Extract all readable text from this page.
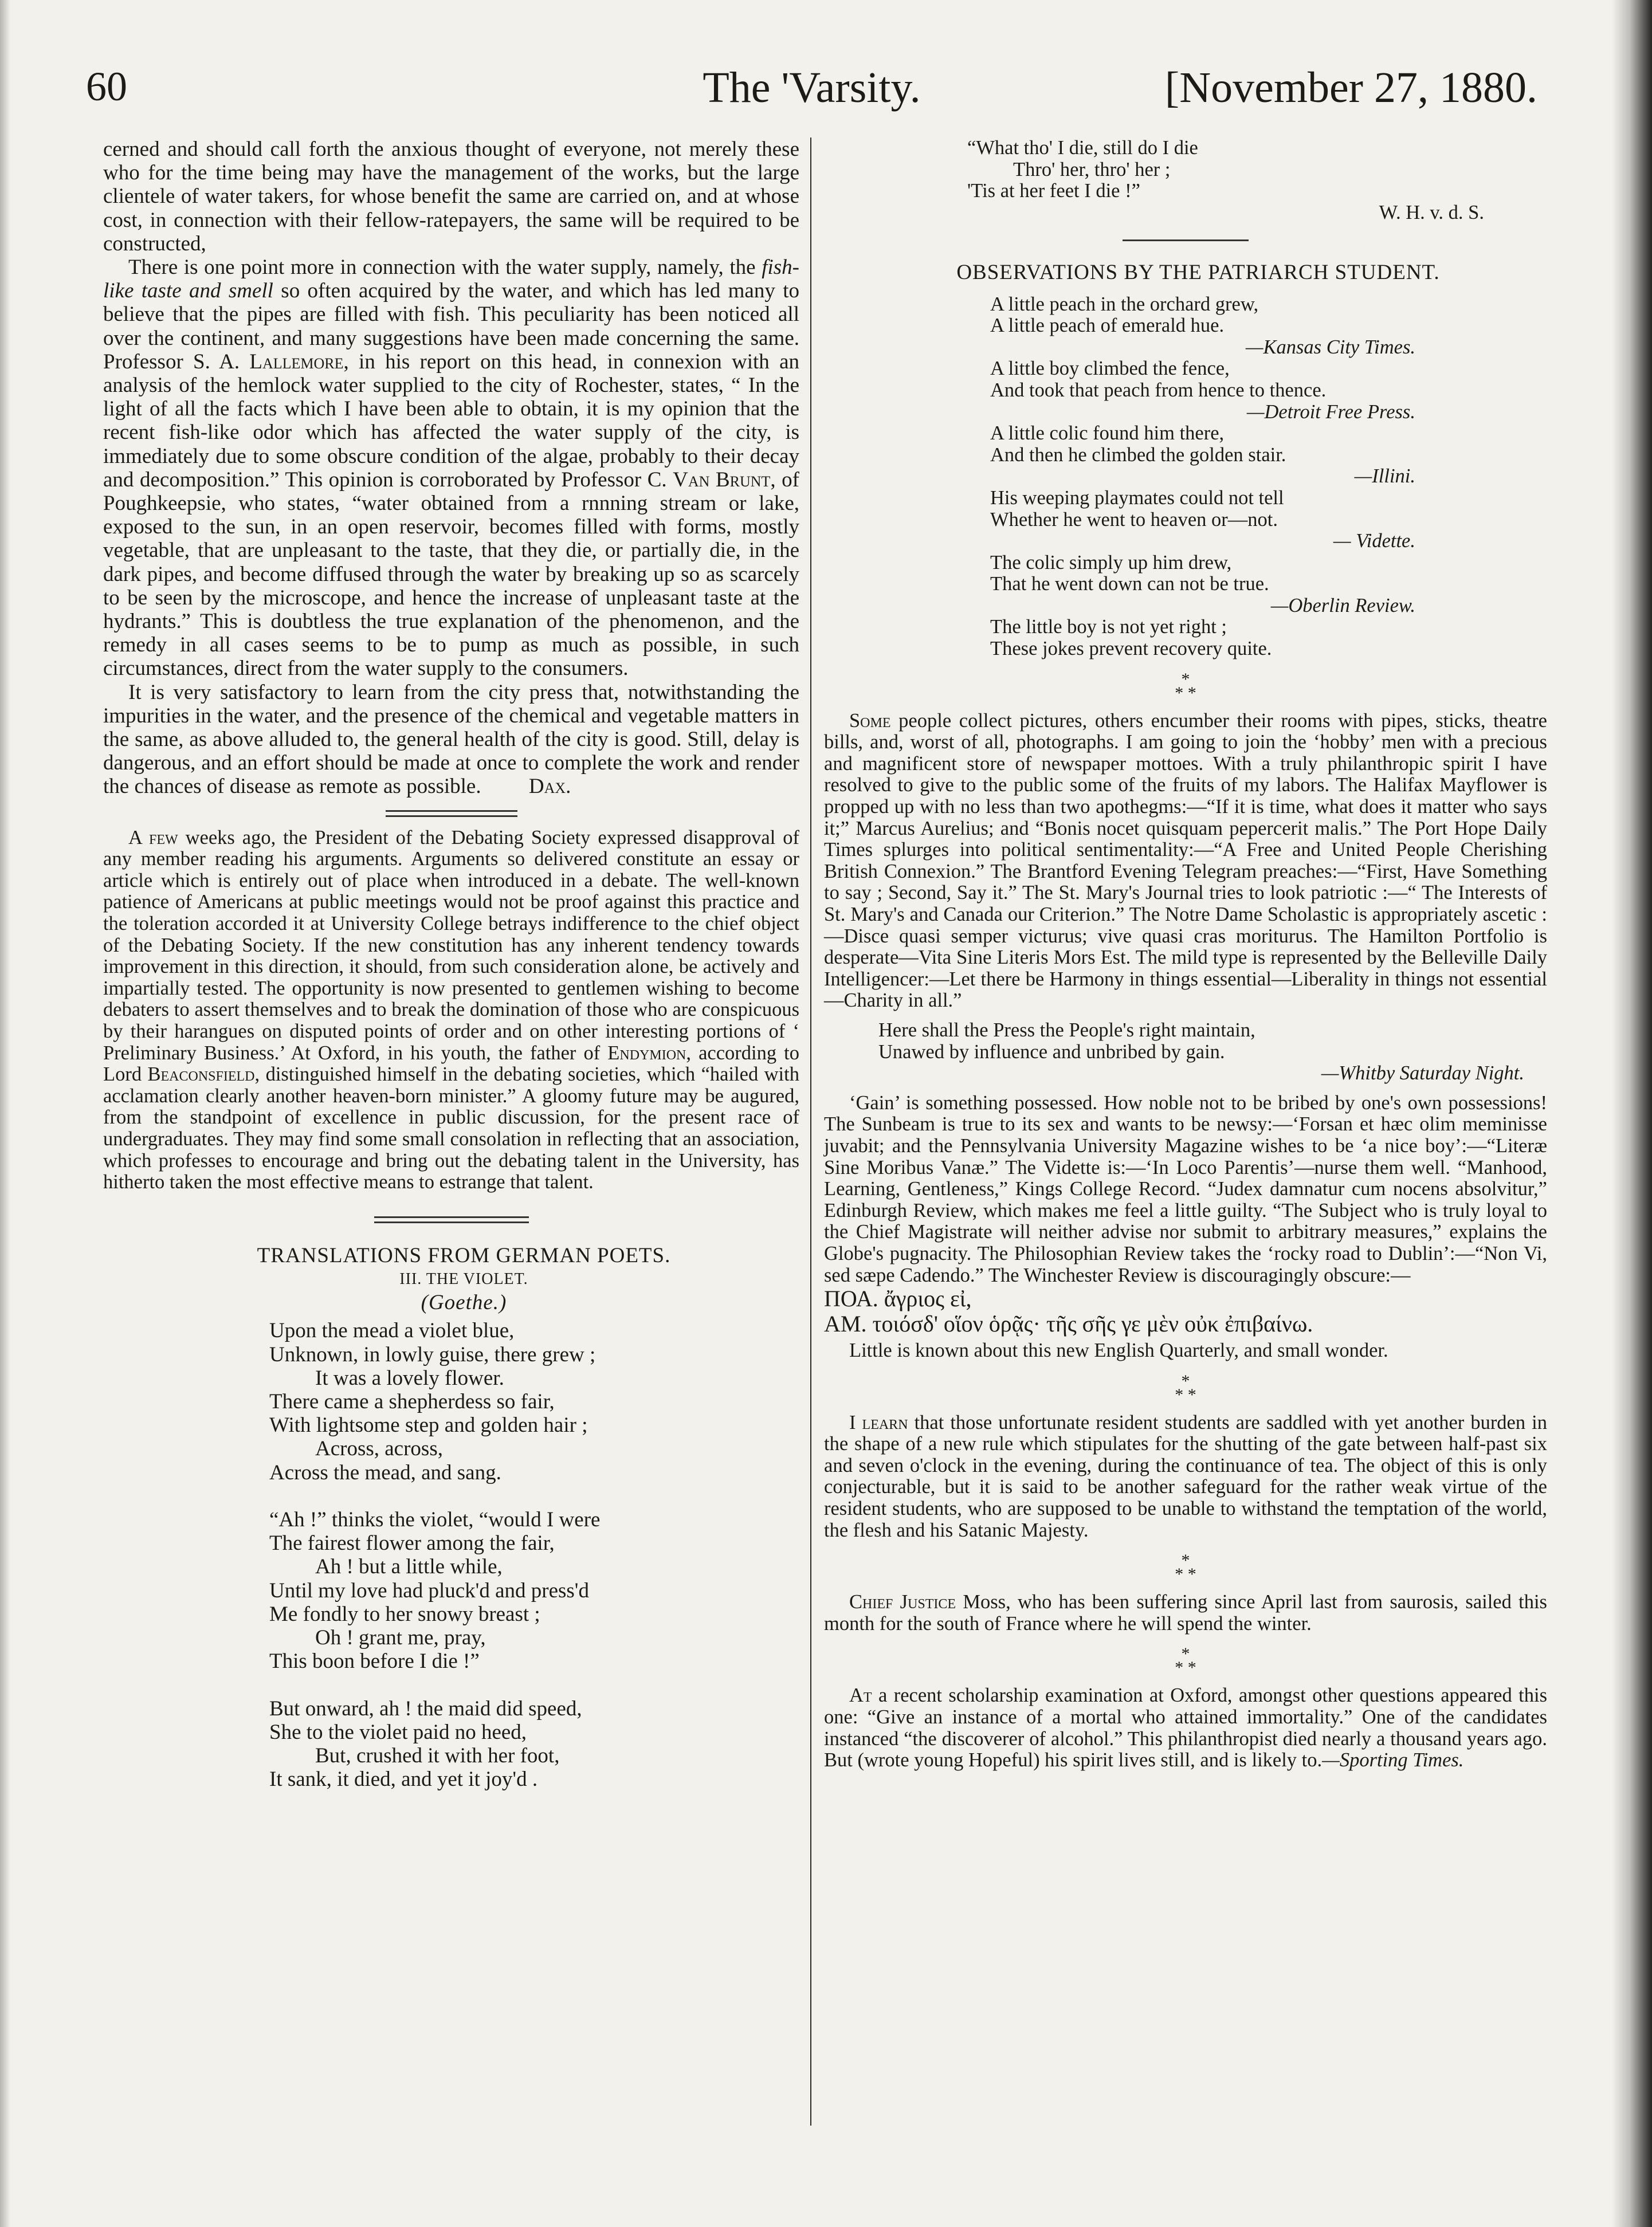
60	The 'Varsity.	[November 27, 1880.

cerned and should call forth the anxious thought of everyone, not merely these who for the time being may have the management of the works, but the large clientele of water takers, for whose benefit the same are carried on, and at whose cost, in connection with their fellow-ratepayers, the same will be required to be constructed,

There is one point more in connection with the water supply, namely, the fish-like taste and smell so often acquired by the water, and which has led many to believe that the pipes are filled with fish. This peculiarity has been noticed all over the continent, and many suggestions have been made concerning the same. Professor S. A. Lallemore, in his report on this head, in connexion with an analysis of the hemlock water supplied to the city of Rochester, states, “ In the light of all the facts which I have been able to obtain, it is my opinion that the recent fish-like odor which has affected the water supply of the city, is immediately due to some obscure condition of the algae, probably to their decay and decomposition.” This opinion is corroborated by Professor C. Van Brunt, of Poughkeepsie, who states, “water obtained from a rnnning stream or lake, exposed to the sun, in an open reservoir, becomes filled with forms, mostly vegetable, that are unpleasant to the taste, that they die, or partially die, in the dark pipes, and become diffused through the water by breaking up so as scarcely to be seen by the microscope, and hence the increase of unpleasant taste at the hydrants.” This is doubtless the true explanation of the phenomenon, and the remedy in all cases seems to be to pump as much as possible, in such circumstances, direct from the water supply to the consumers.

It is very satisfactory to learn from the city press that, notwithstanding the impurities in the water, and the presence of the chemical and vegetable matters in the same, as above alluded to, the general health of the city is good. Still, delay is dangerous, and an effort should be made at once to complete the work and render the chances of disease as remote as possible. Dax.

A few weeks ago, the President of the Debating Society expressed disapproval of any member reading his arguments. Arguments so delivered constitute an essay or article which is entirely out of place when introduced in a debate. The well-known patience of Americans at public meetings would not be proof against this practice and the toleration accorded it at University College betrays indifference to the chief object of the Debating Society. If the new constitution has any inherent tendency towards improvement in this direction, it should, from such consideration alone, be actively and impartially tested. The opportunity is now presented to gentlemen wishing to become debaters to assert themselves and to break the domination of those who are conspicuous by their harangues on disputed points of order and on other interesting portions of ‘ Preliminary Business.’ At Oxford, in his youth, the father of Endymion, according to Lord Beaconsfield, distinguished himself in the debating societies, which “hailed with acclamation clearly another heaven-born minister.” A gloomy future may be augured, from the standpoint of excellence in public discussion, for the present race of undergraduates. They may find some small consolation in reflecting that an association, which professes to encourage and bring out the debating talent in the University, has hitherto taken the most effective means to estrange that talent.

TRANSLATIONS FROM GERMAN POETS.

III. THE VIOLET.

(Goethe.)

Upon the mead a violet blue,
Unknown, in lowly guise, there grew ;
It was a lovely flower.
There came a shepherdess so fair,
With lightsome step and golden hair ;
Across, across,
Across the mead, and sang.

“Ah !” thinks the violet, “would I were
The fairest flower among the fair,
Ah ! but a little while,
Until my love had pluck'd and press'd
Me fondly to her snowy breast ;
Oh ! grant me, pray,
This boon before I die !”

But onward, ah ! the maid did speed,
She to the violet paid no heed,
But, crushed it with her foot,
It sank, it died, and yet it joy'd .
“What tho' I die, still do I die
Thro' her, thro' her ;
'Tis at her feet I die !”

W. H. v. d. S.

OBSERVATIONS BY THE PATRIARCH STUDENT.

A little peach in the orchard grew,
A little peach of emerald hue.
—Kansas City Times.
A little boy climbed the fence,
And took that peach from hence to thence.
—Detroit Free Press.
A little colic found him there,
And then he climbed the golden stair.
—Illini.
His weeping playmates could not tell
Whether he went to heaven or—not.
— Vidette.
The colic simply up him drew,
That he went down can not be true.
—Oberlin Review.
The little boy is not yet right ;
These jokes prevent recovery quite.
*
* *

Some people collect pictures, others encumber their rooms with pipes, sticks, theatre bills, and, worst of all, photographs. I am going to join the ‘hobby’ men with a precious and magnificent store of newspaper mottoes. With a truly philanthropic spirit I have resolved to give to the public some of the fruits of my labors. The Halifax Mayflower is propped up with no less than two apothegms:—“If it is time, what does it matter who says it;” Marcus Aurelius; and “Bonis nocet quisquam pepercerit malis.” The Port Hope Daily Times splurges into political sentimentality:—“A Free and United People Cherishing British Connexion.” The Brantford Evening Telegram preaches:—“First, Have Something to say ; Second, Say it.” The St. Mary's Journal tries to look patriotic :—“ The Interests of St. Mary's and Canada our Criterion.” The Notre Dame Scholastic is appropriately ascetic :—Disce quasi semper victurus; vive quasi cras moriturus. The Hamilton Portfolio is desperate—Vita Sine Literis Mors Est. The mild type is represented by the Belleville Daily Intelligencer:—Let there be Harmony in things essential—Liberality in things not essential—Charity in all.”

Here shall the Press the People's right maintain,
Unawed by influence and unbribed by gain.
—Whitby Saturday Night.

‘Gain’ is something possessed. How noble not to be bribed by one's own possessions! The Sunbeam is true to its sex and wants to be newsy:—‘Forsan et hæc olim meminisse juvabit; and the Pennsylvania University Magazine wishes to be ‘a nice boy’:—“Literæ Sine Moribus Vanæ.” The Vidette is:—‘In Loco Parentis’—nurse them well. “Manhood, Learning, Gentleness,” Kings College Record. “Judex damnatur cum nocens absolvitur,” Edinburgh Review, which makes me feel a little guilty. “The Subject who is truly loyal to the Chief Magistrate will neither advise nor submit to arbitrary measures,” explains the Globe's pugnacity. The Philosophian Review takes the ‘rocky road to Dublin’:—“Non Vi, sed sæpe Cadendo.” The Winchester Review is discouragingly obscure:—

ΠΟΑ. ἄγριος εἰ,

ΑΜ. τοιόσδ' οἵον ὁρᾷς· τῆς σῆς γε μὲν οὐκ ἐπιβαίνω.

Little is known about this new English Quarterly, and small wonder.

*
* *

I learn that those unfortunate resident students are saddled with yet another burden in the shape of a new rule which stipulates for the shutting of the gate between half-past six and seven o'clock in the evening, during the continuance of tea. The object of this is only conjecturable, but it is said to be another safeguard for the rather weak virtue of the resident students, who are supposed to be unable to withstand the temptation of the world, the flesh and his Satanic Majesty.

*
* *

Chief Justice Moss, who has been suffering since April last from saurosis, sailed this month for the south of France where he will spend the winter.

*
* *

At a recent scholarship examination at Oxford, amongst other questions appeared this one: “Give an instance of a mortal who attained immortality.” One of the candidates instanced “the discoverer of alcohol.” This philanthropist died nearly a thousand years ago. But (wrote young Hopeful) his spirit lives still, and is likely to.—Sporting Times.
